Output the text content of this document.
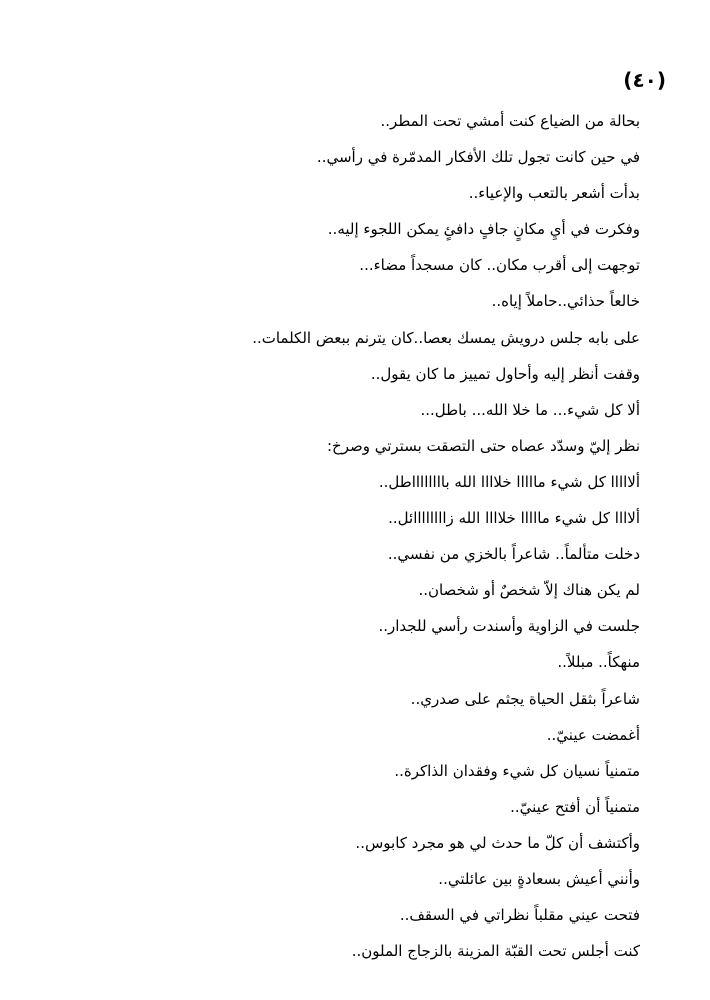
(٤٠)
بحالة من الضياع كنت أمشي تحت المطر..
في حين كانت تجول تلك الأفكار المدمّرة في رأسي..
بدأت أشعر بالتعب والإعياء..
وفكرت في أيِ مكانٍ جافٍ دافئٍ يمكن اللجوء إليه..
توجهت إلى أقرب مكان.. كان مسجداً مضاء...
خالعاً حذائي..حاملاً إياه..
على بابه جلس درويش يمسك بعصا..كان يترنم ببعض الكلمات..
وقفت أنظر إليه وأحاول تمييز ما كان يقول..
ألا كل شيء... ما خلا الله... باطل...
نظر إليّ وسدّد عصاه حتى التصقت بسترتي وصرخ:
ألااااا كل شيء مااااا خلاااا الله بااااااااطل..
ألاااا كل شيء مااااا خلاااا الله زاااااااائل..
دخلت متألماً.. شاعراً بالخزي من نفسي..
لم يكن هناك إلاّ شخصٌ أو شخصان..
جلست في الزاوية وأسندت رأسي للجدار..
منهكاً.. مبللاً..
شاعراً بثقل الحياة يجثم على صدري..
أغمضت عينيّ..
متمنياً نسيان كل شيء وفقدان الذاكرة..
متمنياً أن أفتح عينيّ..
وأكتشف أن كلّ ما حدث لي هو مجرد كابوس..
وأنني أعيش بسعادةٍ بين عائلتي..
فتحت عيني مقلباً نظراتي في السقف..
كنت أجلس تحت القبّة المزينة بالزجاج الملون..
